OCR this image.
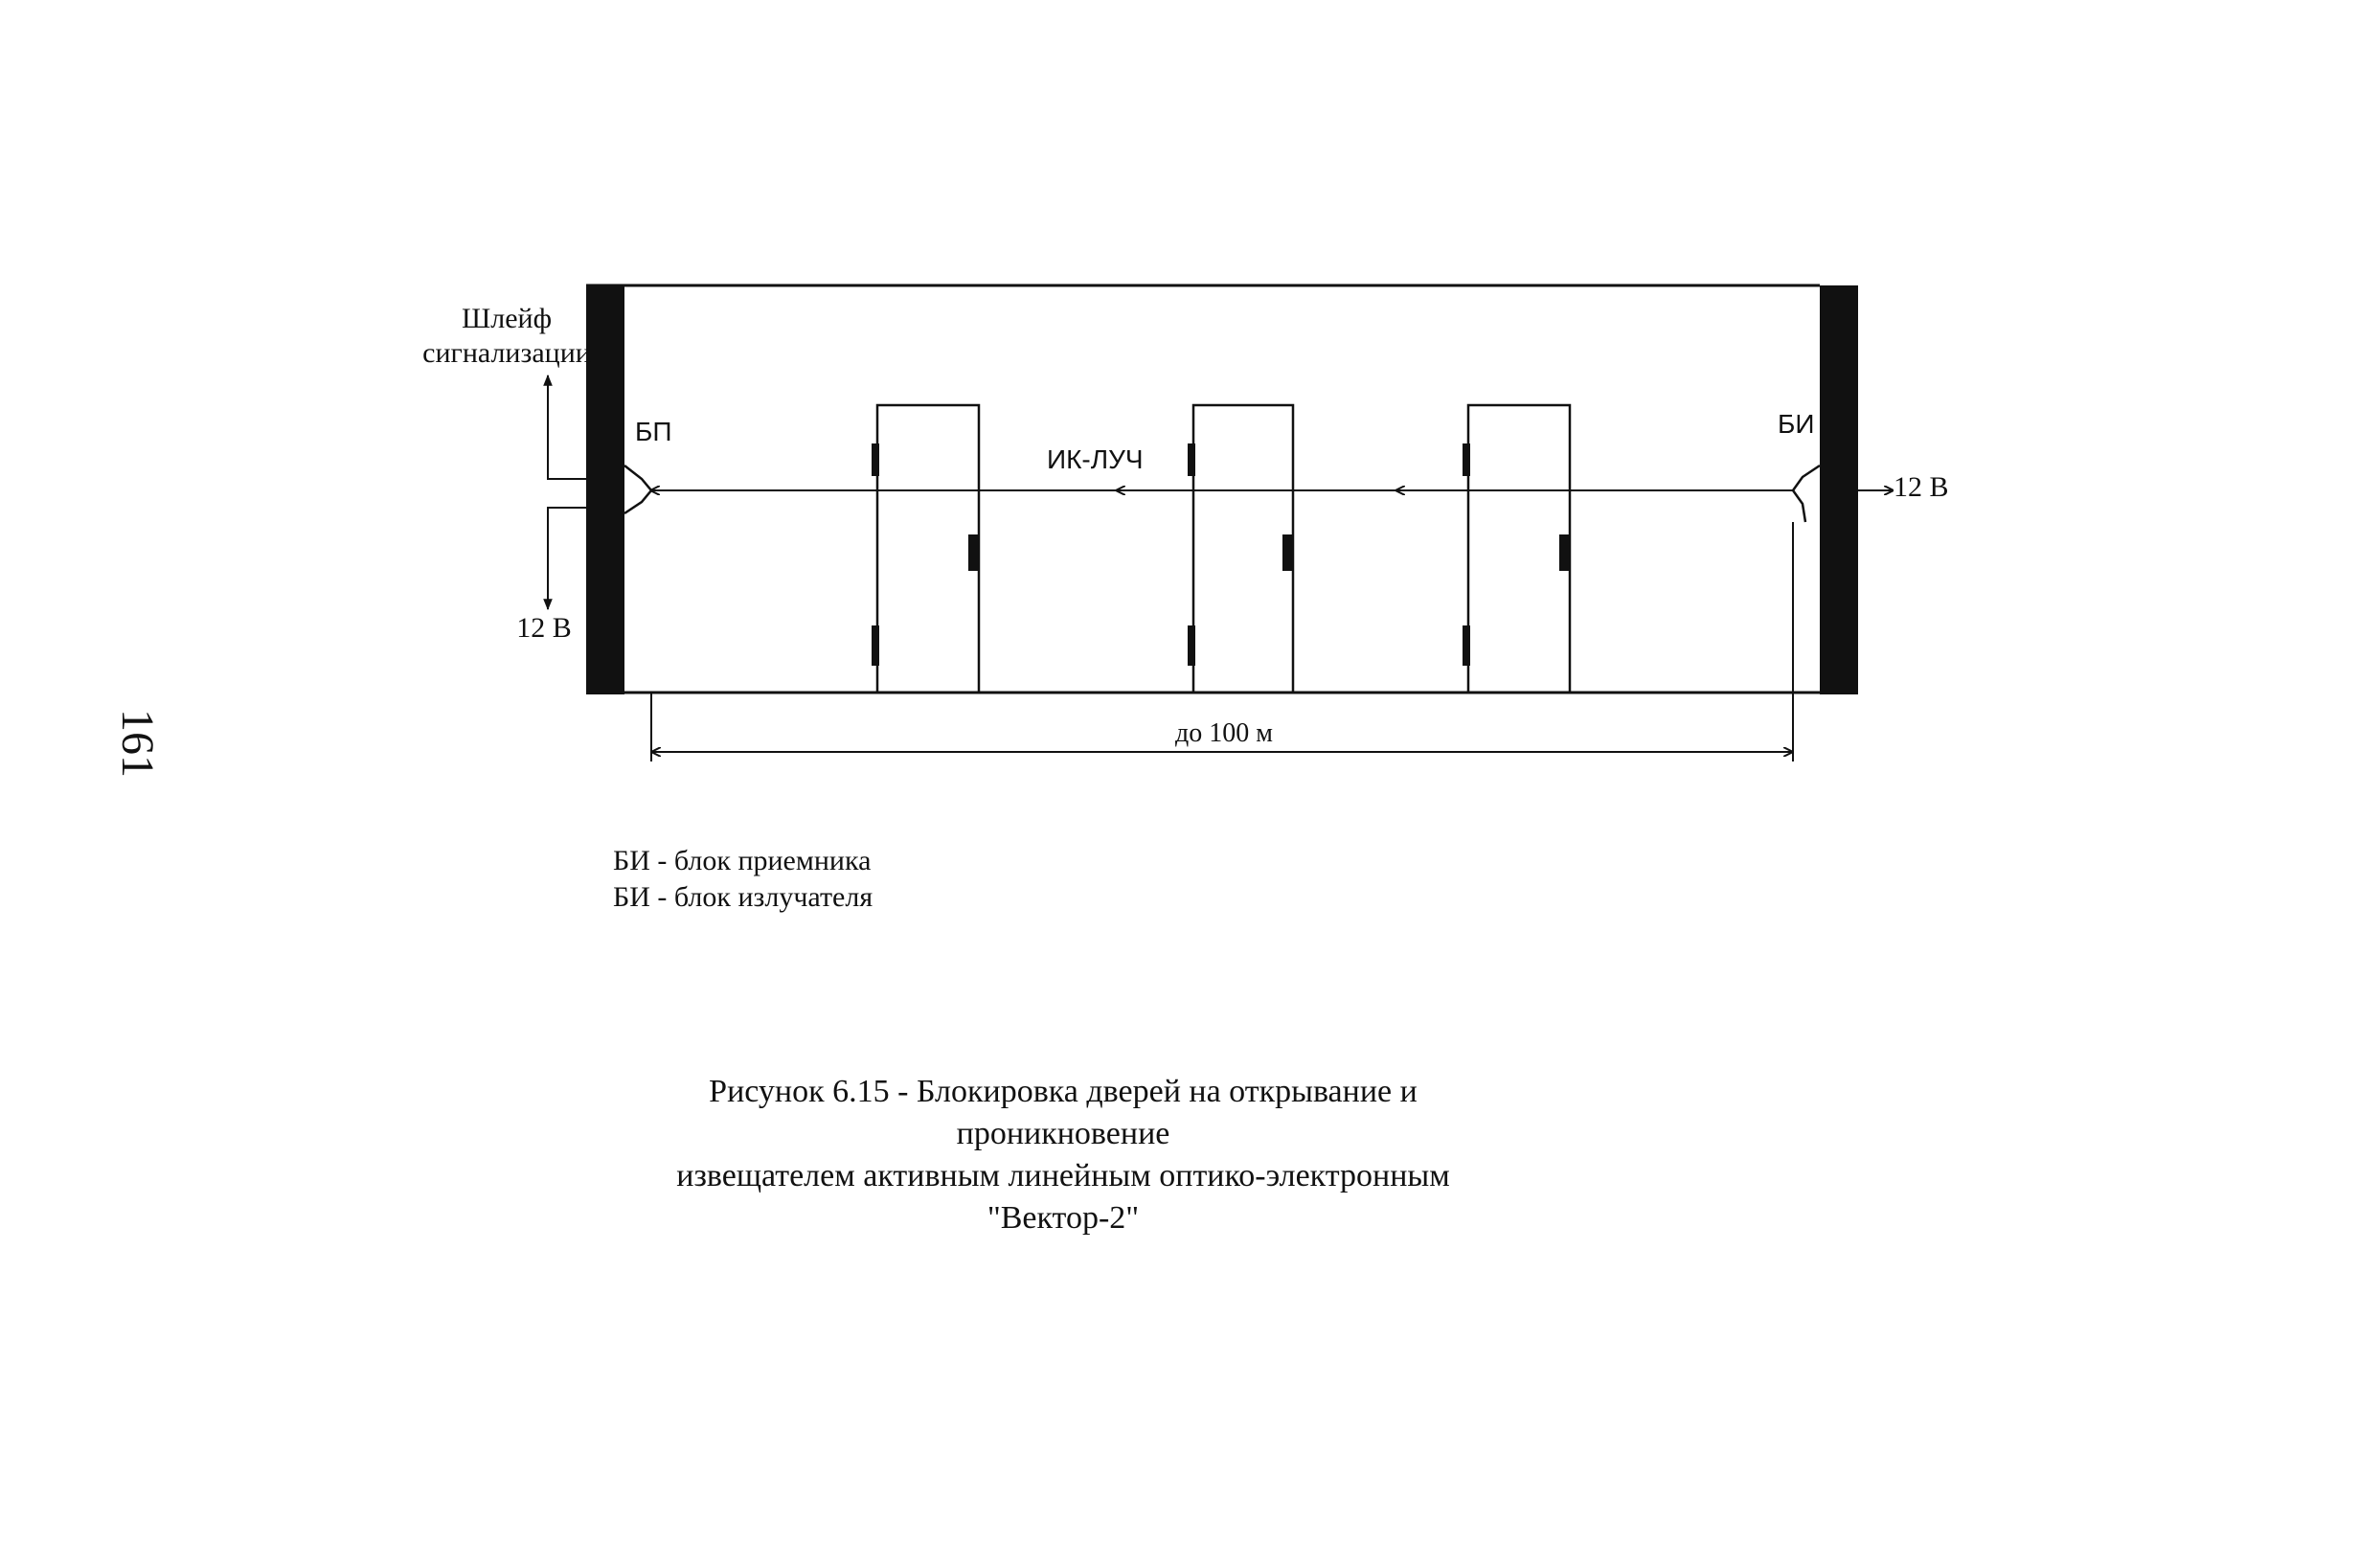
Шлейф
сигнализации
БП	БИ
ИК-ЛУЧ
12 В
12 В
до 100 м
161
БИ - блок приемника
БИ - блок излучателя
Рисунок 6.15 - Блокировка дверей на открывание и проникновение
извещателем активным линейным оптико-электронным "Вектор-2"
